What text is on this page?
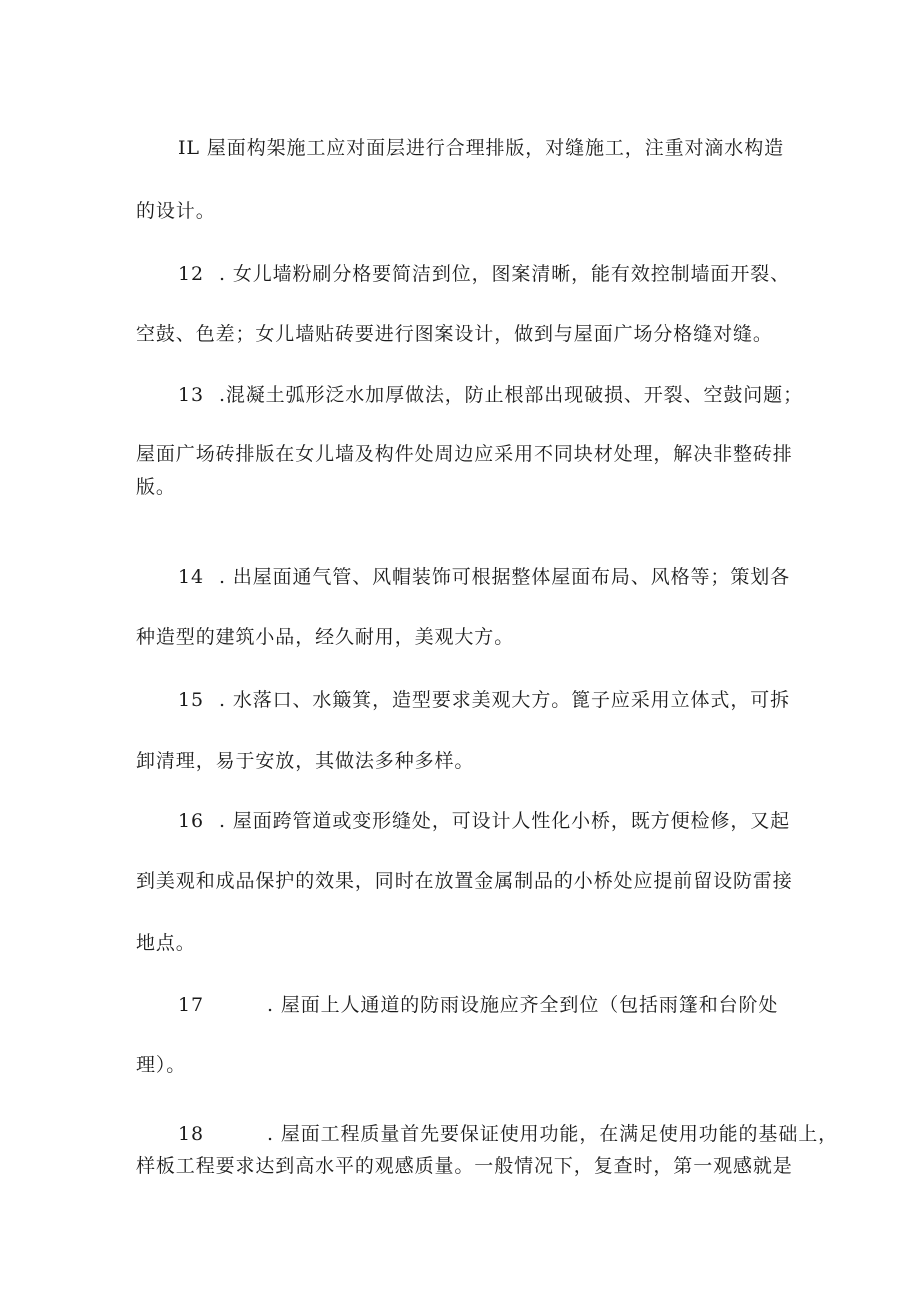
IL 屋面构架施工应对面层进行合理排版，对缝施工，注重对滴水构造
的设计。
12 . 女儿墙粉刷分格要简洁到位，图案清晰，能有效控制墙面开裂、
空鼓、色差；女儿墙贴砖要进行图案设计，做到与屋面广场分格缝对缝。
13 .混凝土弧形泛水加厚做法，防止根部出现破损、开裂、空鼓问题；
屋面广场砖排版在女儿墙及构件处周边应采用不同块材处理，解决非整砖排
版。
14 . 出屋面通气管、风帽装饰可根据整体屋面布局、风格等；策划各
种造型的建筑小品，经久耐用，美观大方。
15 . 水落口、水簸箕，造型要求美观大方。篦子应采用立体式，可拆
卸清理，易于安放，其做法多种多样。
16 . 屋面跨管道或变形缝处，可设计人性化小桥，既方便检修，又起
到美观和成品保护的效果，同时在放置金属制品的小桥处应提前留设防雷接
地点。
17	. 屋面上人通道的防雨设施应齐全到位（包括雨篷和台阶处
理）。
18	. 屋面工程质量首先要保证使用功能，在满足使用功能的基础上，
样板工程要求达到高水平的观感质量。一般情况下，复查时，第一观感就是
